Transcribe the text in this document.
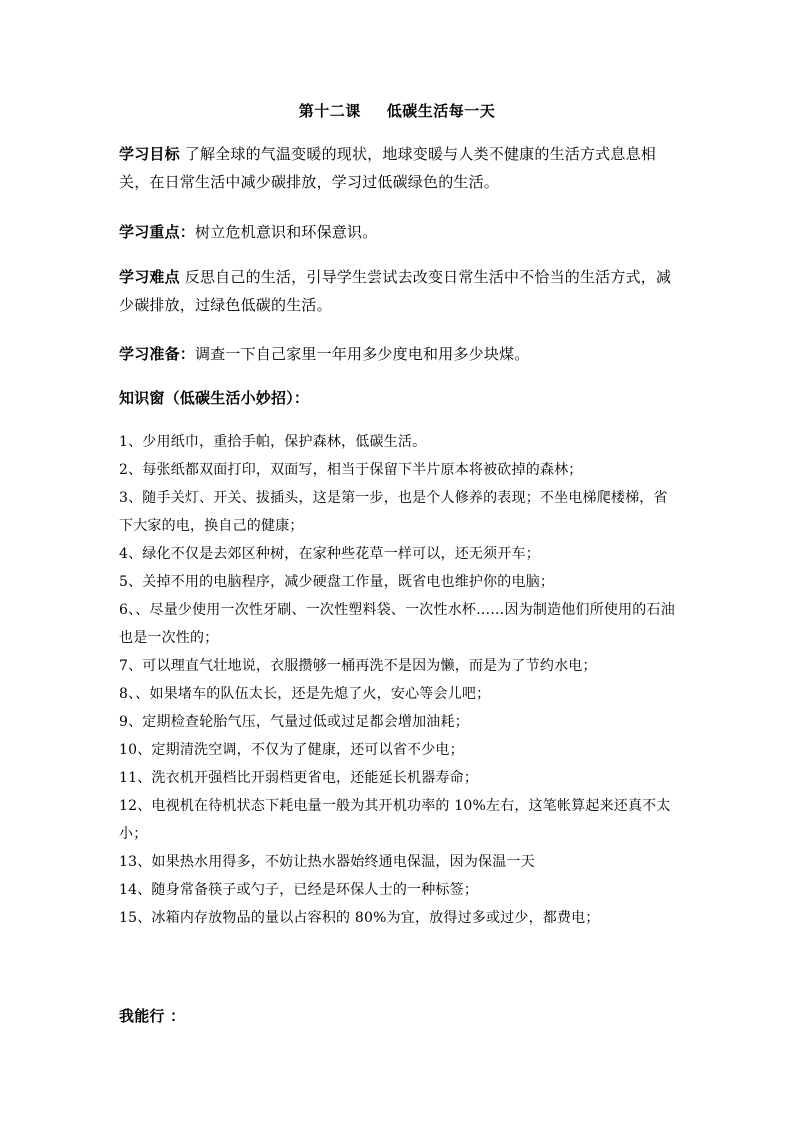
第十二课 低碳生活每一天
学习目标 了解全球的气温变暖的现状，地球变暖与人类不健康的生活方式息息相关，在日常生活中减少碳排放，学习过低碳绿色的生活。
学习重点：树立危机意识和环保意识。
学习难点 反思自己的生活，引导学生尝试去改变日常生活中不恰当的生活方式，减少碳排放，过绿色低碳的生活。
学习准备：调查一下自己家里一年用多少度电和用多少块煤。
知识窗（低碳生活小妙招）：
1、少用纸巾，重拾手帕，保护森林，低碳生活。
2、每张纸都双面打印，双面写，相当于保留下半片原本将被砍掉的森林；
3、随手关灯、开关、拔插头，这是第一步，也是个人修养的表现；不坐电梯爬楼梯，省下大家的电，换自己的健康；
4、绿化不仅是去郊区种树，在家种些花草一样可以，还无须开车；
5、关掉不用的电脑程序，减少硬盘工作量，既省电也维护你的电脑；
6、、尽量少使用一次性牙刷、一次性塑料袋、一次性水杯……因为制造他们所使用的石油也是一次性的；
7、可以理直气壮地说，衣服攒够一桶再洗不是因为懒，而是为了节约水电；
8、、如果堵车的队伍太长，还是先熄了火，安心等会儿吧；
9、定期检查轮胎气压，气量过低或过足都会增加油耗；
10、定期清洗空调，不仅为了健康，还可以省不少电；
11、洗衣机开强档比开弱档更省电，还能延长机器寿命；
12、电视机在待机状态下耗电量一般为其开机功率的 10%左右，这笔帐算起来还真不太小；
13、如果热水用得多，不妨让热水器始终通电保温，因为保温一天
14、随身常备筷子或勺子，已经是环保人士的一种标签；
15、冰箱内存放物品的量以占容积的 80%为宜，放得过多或过少，都费电；
我能行 ：
